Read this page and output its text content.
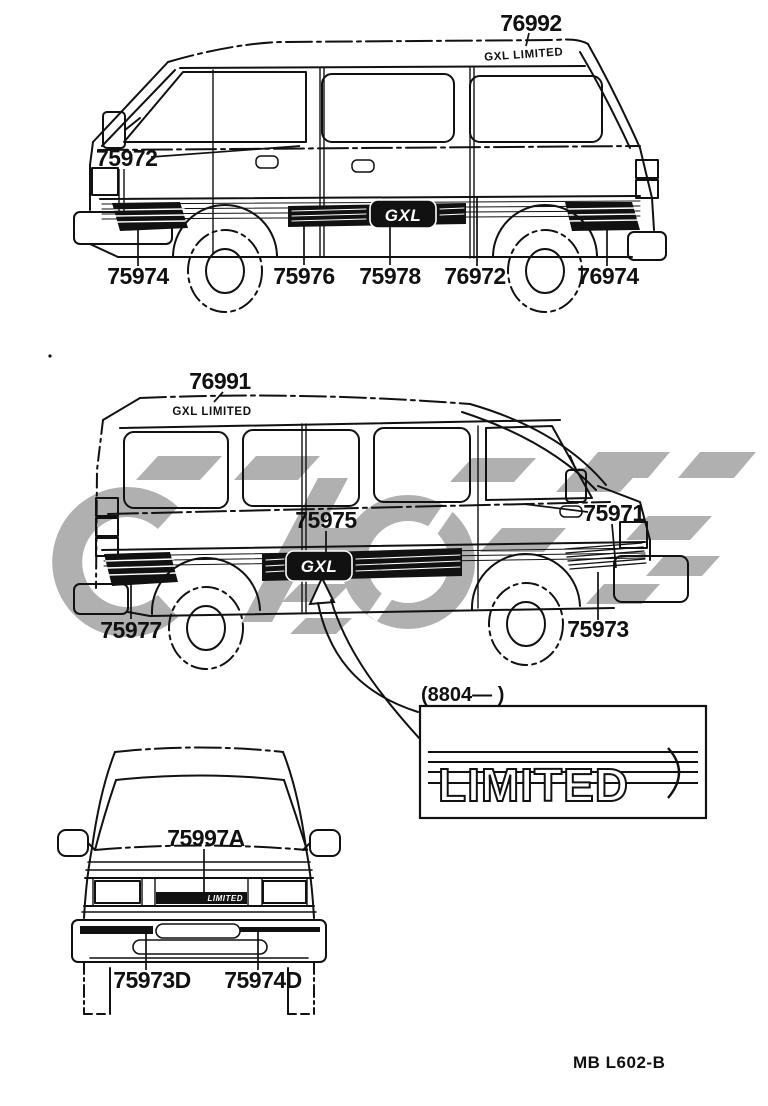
GXL
GXL LIMITED
76992
75972
75974	75976 75978 76972	76974
GXL
GXL LIMITED
76991
75975	75971
75977	75973
(8804— )
LIMITED
LIMITED
75997A
75973D 75974D
MB L602-B
